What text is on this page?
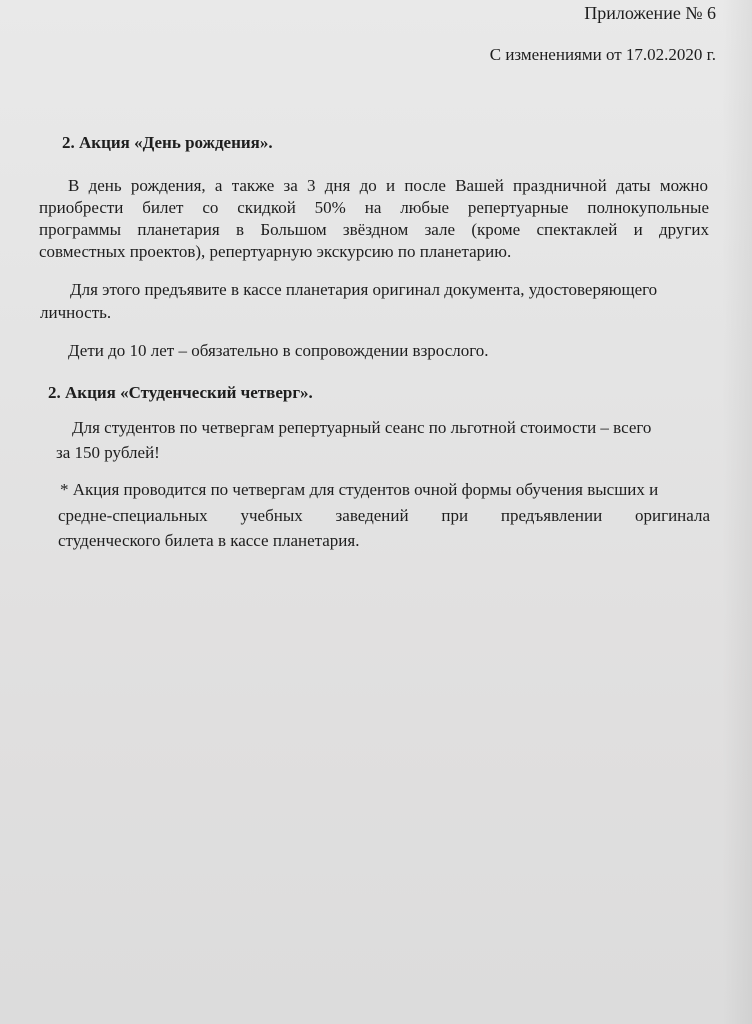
Приложение № 6
С изменениями от 17.02.2020 г.
2. Акция «День рождения».
В день рождения, а также за 3 дня до и после Вашей праздничной даты можно
приобрести билет со скидкой 50% на любые репертуарные полнокупольные
программы планетария в Большом звёздном зале (кроме спектаклей и других
совместных проектов), репертуарную экскурсию по планетарию.
Для этого предъявите в кассе планетария оригинал документа, удостоверяющего
личность.
Дети до 10 лет – обязательно в сопровождении взрослого.
2. Акция «Студенческий четверг».
Для студентов по четвергам репертуарный сеанс по льготной стоимости – всего
за 150 рублей!
* Акция проводится по четвергам для студентов очной формы обучения высших и
средне-специальных учебных заведений при предъявлении оригинала
студенческого билета в кассе планетария.
